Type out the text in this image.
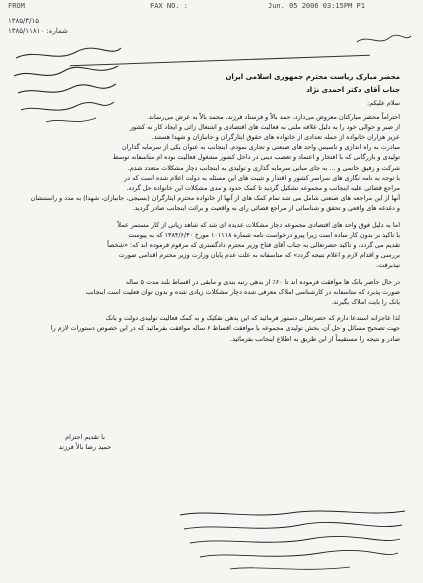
FROM	FAX NO. :	Jun. 05 2006 03:15PM P1
۱۳۸۵/۳/۱۵
شماره: ۱۳۸۵/۱۱۸۱۰

محضر مبارک ریاست محترم جمهوری اسلامی ایران

جناب آقای دکتر احمدی نژاد

سلام علیکم:

احتراماً محضر مبارکتان معروض می‌دارد، حمد بالاً و فرستاد فرزند، محمد بالاً به عرض می‌رساند.
از صبر و حوالی خود را به دلیل علاقه ملتی به فعالیت های اقتصادی و اشتغال زائی و ایجاد کار به کشور
عزیز هزاران خانواده از جمله تعدادی از خانواده های حقوق ایثارگران و جانبازان و شهدا هستند.
مبادرت به راه اندازی و تاسیس واحد های صنعتی و تجاری نمودم. اینجانب به عنوان یکی از سرمایه گذاران
تولیدی و بازرگانی که با افتخار و اعتماد و تعصب دینی در داخل کشور مشغول فعالیت بوده ام متاسفانه توسط
شرکت و رفیق خاتمی و ... به جای مبانی سرمایه گذاری و تولیدی به اینجانب دچار مشکلات متعدد شدم.
با توجه به نامه نگاری های سراسر کشور و اقتدار و تثبیت های این مسئله به دولت اعلام شده است که در
مراجع قضائی علیه اینجانب و مجموعه تشکیل گردید تا کمک حدود و مدی مشکلات این خانواده حل گردد.
آنها از این مراجعه های صنعتی شامل می شد تمام کمک های از آنها از خانواده محترم ایثارگران (بسیجی، جانبازان، شهدا) به مدد و راستنشان و دغدغه های واقعی و تحقق و شناسائی از مراجع قضائی رای به واقعیت و برائت اینجانب صادر گردید.
اما به دلیل فوق واحد های اقتصادی مجموعه دچار مشکلات عدیده ای شد که شاهد زیانی از کار مستمر عملاً
با تاکید بر بدون کار ساده است زیرا پیرو درخواست نامه شماره ۱۰۱۱۱۸ مورخ ۱۳۸۴/۶/۳۰ که به پیوست
تقدیم می گردد، و تاکید حضرتعالی به جناب آقای فتاح وزیر محترم دادگستری که مرقوم فرموده اند که: «شخصاً
بررسی و اقدام لازم و اعلام نتیجه گردد» که متاسفانه به علت عدم پایان وزارت وزیر محترم اقدامی صورت
نپذیرفت.
در حال حاضر بانک ها موافقت فرموده اند تا ۶۰٪ از بدهی رتبه بندی و مابقی در اقساط بلند مدت ۵ ساله
صورت پذیرد که متاسفانه در کارشناسی املاک معرفی شده دچار مشکلات زیادی شده و بدون توان فعلیت است اینجانب
بانک را بابت املاک بگیرند.
لذا عاجزانه استدعا دارم که حضرتعالی دستور فرمائید که این بدهی تفکیک و به کمک فعالیت تولیدی دولت و بانک
جهت تصحیح مسائل و حل آن، بخش تولیدی مجموعه با موافقت اقساط ۶ ساله موافقت بفرمائید که در این خصوص دستورات لازم را
صادر و نتیجه را مستقیماً از این طریق به اطلاع اینجانب بفرمائید.
با تقدیم احترام
حمید رضا بالاً فرزند
